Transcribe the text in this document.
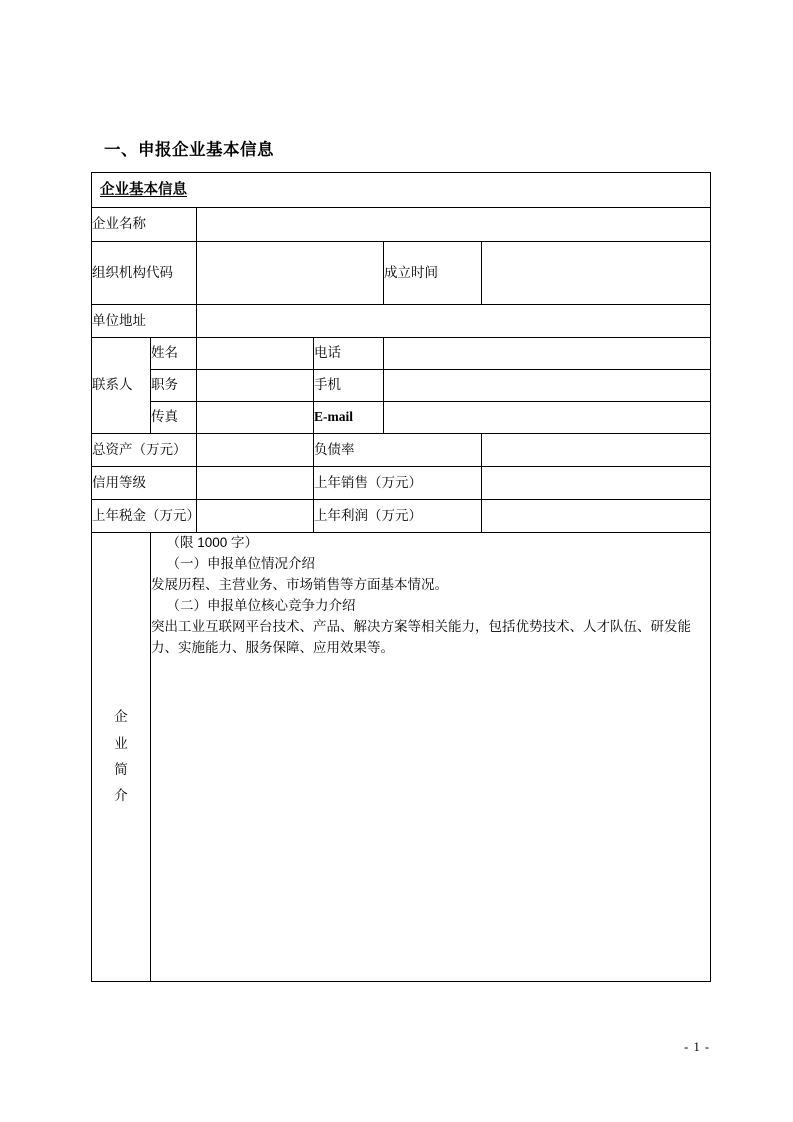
一、申报企业基本信息
企业基本信息					
企业名称					
组织机构代码				成立时间	
单位地址					
联系人	姓名		电话		
	职务		手机		
	传真		E-mail		
总资产（万元）			负债率		
信用等级			上年销售（万元）		
上年税金（万元）			上年利润（万元）		

企
业
简
介

（限 1000 字）

（一）申报单位情况介绍

发展历程、主营业务、市场销售等方面基本情况。

（二）申报单位核心竞争力介绍

突出工业互联网平台技术、产品、解决方案等相关能力，包括优势技术、人才队伍、研发能力、实施能力、服务保障、应用效果等。

- 1 -
